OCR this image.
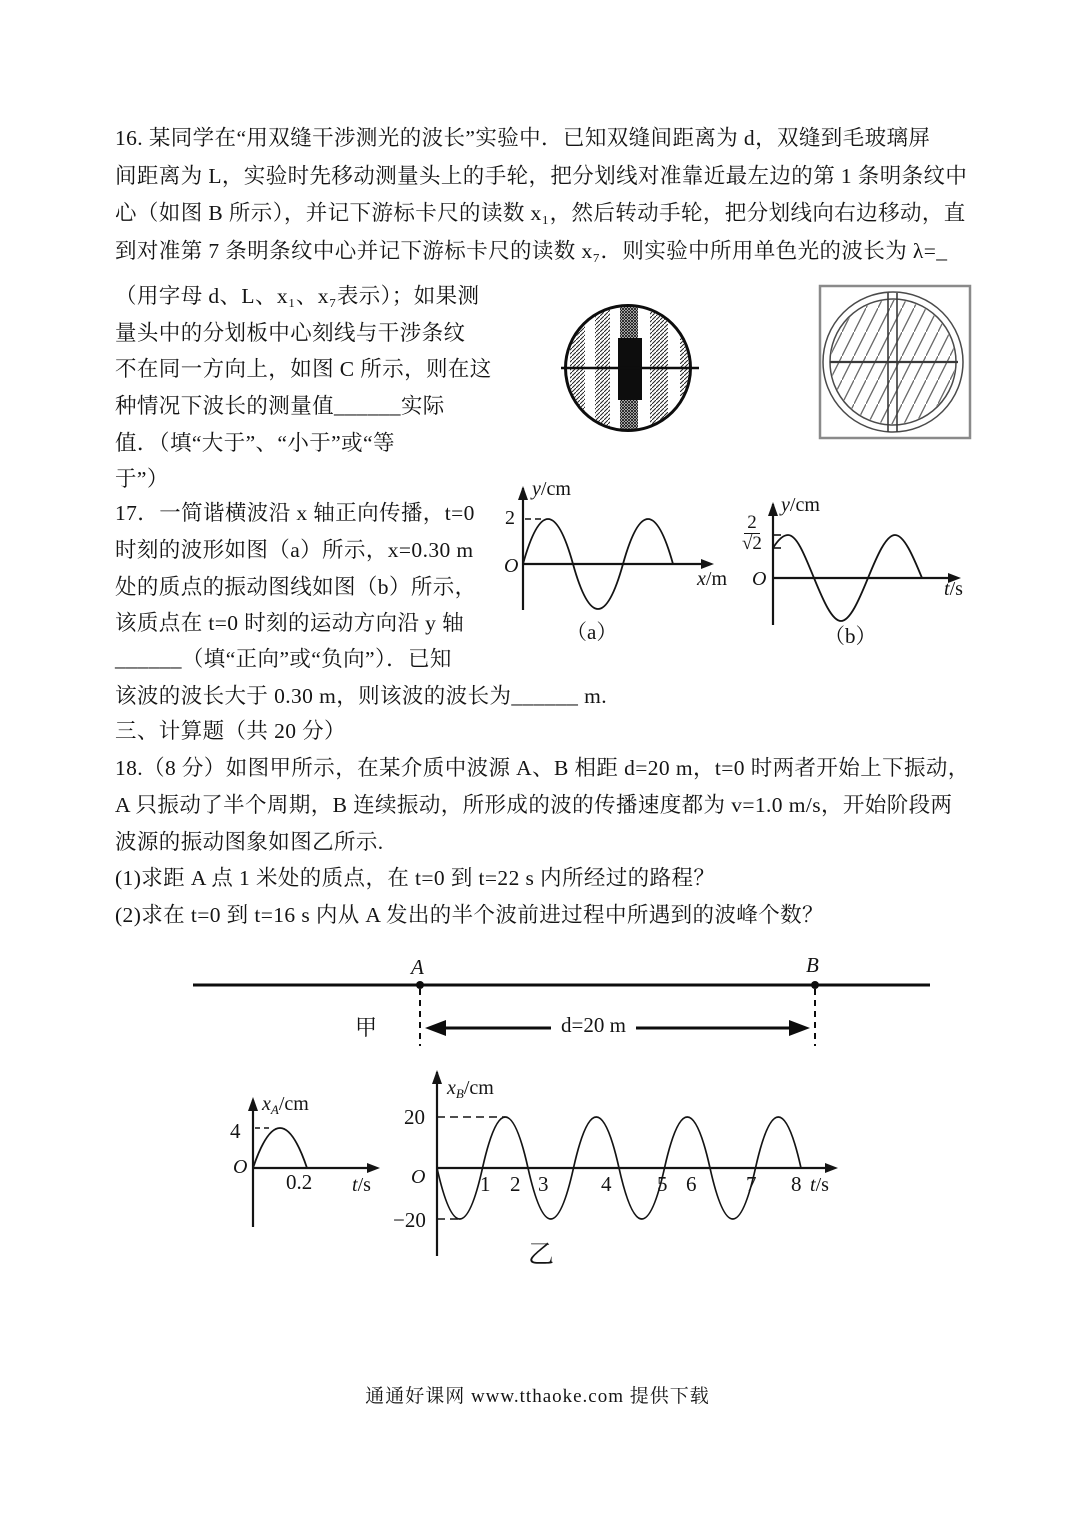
16. 某同学在“用双缝干涉测光的波长”实验中．已知双缝间距离为 d，双缝到毛玻璃屏
间距离为 L，实验时先移动测量头上的手轮，把分划线对准靠近最左边的第 1 条明条纹中
心（如图 B 所示），并记下游标卡尺的读数 x₁，然后转动手轮，把分划线向右边移动，直
到对准第 7 条明条纹中心并记下游标卡尺的读数 x₇．则实验中所用单色光的波长为 λ=_
（用字母 d、L、x₁、x₇表示）；如果测
量头中的分划板中心刻线与干涉条纹
不在同一方向上，如图 C 所示，则在这
种情况下波长的测量值______实际
值．（填“大于”、“小于”或“等
于”）
17．一简谐横波沿 x 轴正向传播，t=0
时刻的波形如图（a）所示，x=0.30 m
处的质点的振动图线如图（b）所示，
该质点在 t=0 时刻的运动方向沿 y 轴
______（填“正向”或“负向”）．已知
该波的波长大于 0.30 m，则该波的波长为______ m.
y/cm
2
O
x/m
（a）
y/cm
$\frac{2}{√2}$
O	t/s
（b）
三、计算题（共 20 分）
18.（8 分）如图甲所示，在某介质中波源 A、B 相距 d=20 m，t=0 时两者开始上下振动，
A 只振动了半个周期，B 连续振动，所形成的波的传播速度都为 v=1.0 m/s，开始阶段两
波源的振动图象如图乙所示.
(1)求距 A 点 1 米处的质点，在 t=0 到 t=22 s 内所经过的路程？
(2)求在 t=0 到 t=16 s 内从 A 发出的半个波前进过程中所遇到的波峰个数？
A	B
甲	d=20 m
$x_A/cm$
4
O
0.2 t/s
$x_B/cm$
20
−20
O	1 2 3	4 5 6 7 8 t/s
乙
通通好课网 www.tthaoke.com 提供下载
